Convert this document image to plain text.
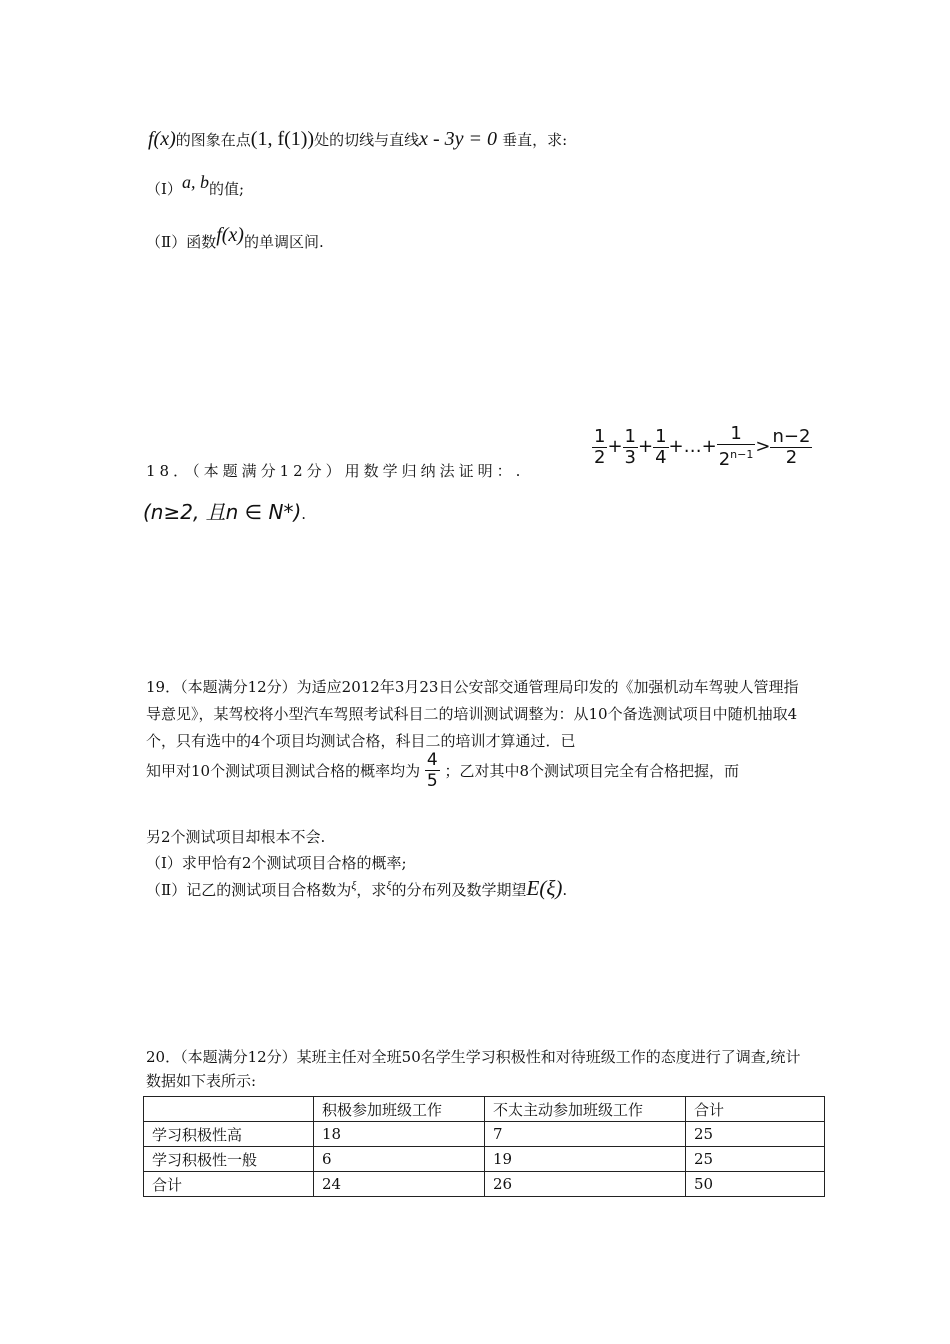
f(x)的图象在点(1, f(1))处的切线与直线x - 3y = 0 垂直，求:
（Ⅰ）a, b的值;
（Ⅱ）函数f(x)的单调区间.
18．（本题满分12分）用数学归纳法证明：.
$\frac{1}{2} + \frac{1}{3} + \frac{1}{4}$ +…+ $\frac{1}{2^{n-1}} > \frac{n-2}{2}$
(n≥2, 且n ∈ N*).
19．（本题满分12分）为适应2012年3月23日公安部交通管理局印发的《加强机动车驾驶人管理指导意见》，某驾校将小型汽车驾照考试科目二的培训测试调整为：从10个备选测试项目中随机抽取4个，只有选中的4个项目均测试合格，科目二的培训才算通过．已
知甲对10个测试项目测试合格的概率均为 $\frac{4}{5}$ ；乙对其中8个测试项目完全有合格把握，而
另2个测试项目却根本不会.
（Ⅰ）求甲恰有2个测试项目合格的概率;
（Ⅱ）记乙的测试项目合格数为$^\xi$，求$^\xi$的分布列及数学期望E(ξ).
20．（本题满分12分）某班主任对全班50名学生学习积极性和对待班级工作的态度进行了调查,统计数据如下表所示:
	积极参加班级工作	不太主动参加班级工作	合计
学习积极性高	18	7	25
学习积极性一般	6	19	25
合计	24	26	50
